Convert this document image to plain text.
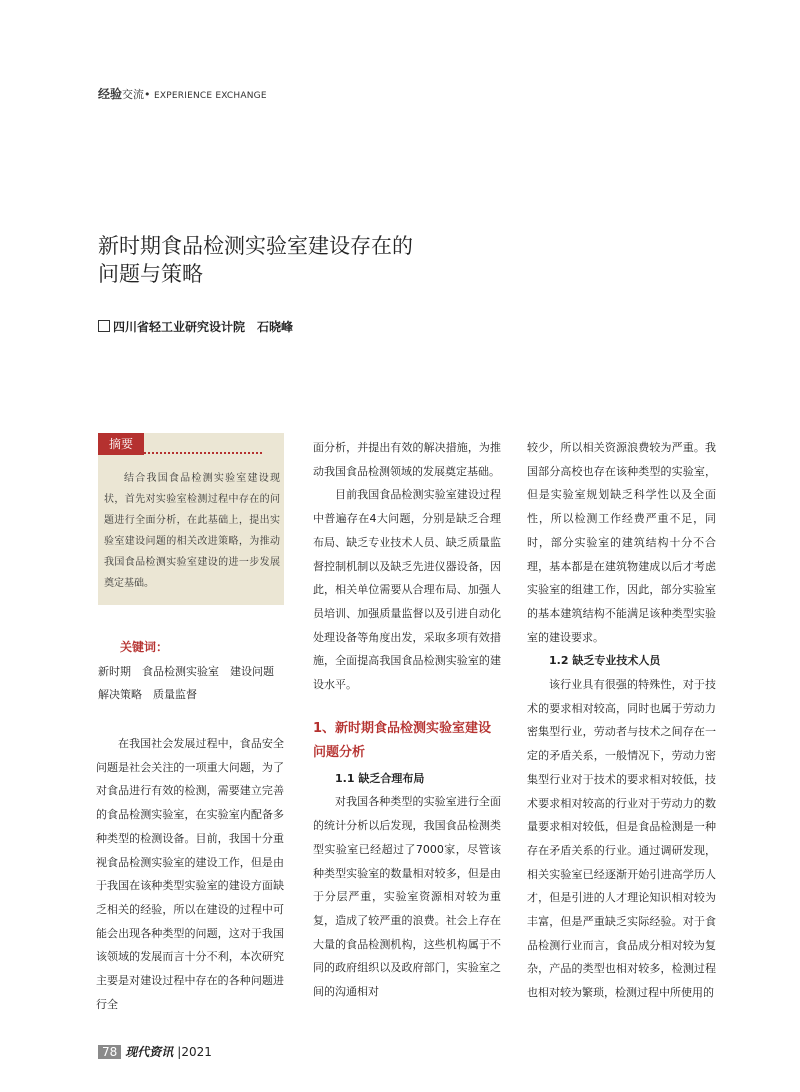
经验交流• EXPERIENCE EXCHANGE
新时期食品检测实验室建设存在的
问题与策略
四川省轻工业研究设计院　石晓峰
摘要

结合我国食品检测实验室建设现状，首先对实验室检测过程中存在的问题进行全面分析，在此基础上，提出实验室建设问题的相关改进策略，为推动我国食品检测实验室建设的进一步发展奠定基础。

关键词：
新时期　食品检测实验室　建设问题　解决策略　质量监督

在我国社会发展过程中，食品安全问题是社会关注的一项重大问题，为了对食品进行有效的检测，需要建立完善的食品检测实验室，在实验室内配备多种类型的检测设备。目前，我国十分重视食品检测实验室的建设工作，但是由于我国在该种类型实验室的建设方面缺乏相关的经验，所以在建设的过程中可能会出现各种类型的问题，这对于我国该领域的发展而言十分不利，本次研究主要是对建设过程中存在的各种问题进行全

面分析，并提出有效的解决措施，为推动我国食品检测领域的发展奠定基础。

目前我国食品检测实验室建设过程中普遍存在4大问题，分别是缺乏合理布局、缺乏专业技术人员、缺乏质量监督控制机制以及缺乏先进仪器设备，因此，相关单位需要从合理布局、加强人员培训、加强质量监督以及引进自动化处理设备等角度出发，采取多项有效措施，全面提高我国食品检测实验室的建设水平。

1、新时期食品检测实验室建设问题分析

1.1 缺乏合理布局

对我国各种类型的实验室进行全面的统计分析以后发现，我国食品检测类型实验室已经超过了7000家，尽管该种类型实验室的数量相对较多，但是由于分层严重，实验室资源相对较为重复，造成了较严重的浪费。社会上存在大量的食品检测机构，这些机构属于不同的政府组织以及政府部门，实验室之间的沟通相对

较少，所以相关资源浪费较为严重。我国部分高校也存在该种类型的实验室，但是实验室规划缺乏科学性以及全面性，所以检测工作经费严重不足，同时，部分实验室的建筑结构十分不合理，基本都是在建筑物建成以后才考虑实验室的组建工作，因此，部分实验室的基本建筑结构不能满足该种类型实验室的建设要求。

1.2 缺乏专业技术人员

该行业具有很强的特殊性，对于技术的要求相对较高，同时也属于劳动力密集型行业，劳动者与技术之间存在一定的矛盾关系，一般情况下，劳动力密集型行业对于技术的要求相对较低，技术要求相对较高的行业对于劳动力的数量要求相对较低，但是食品检测是一种存在矛盾关系的行业。通过调研发现，相关实验室已经逐渐开始引进高学历人才，但是引进的人才理论知识相对较为丰富，但是严重缺乏实际经验。对于食品检测行业而言，食品成分相对较为复杂，产品的类型也相对较多，检测过程也相对较为繁琐，检测过程中所使用的

78 现代资讯 |2021
